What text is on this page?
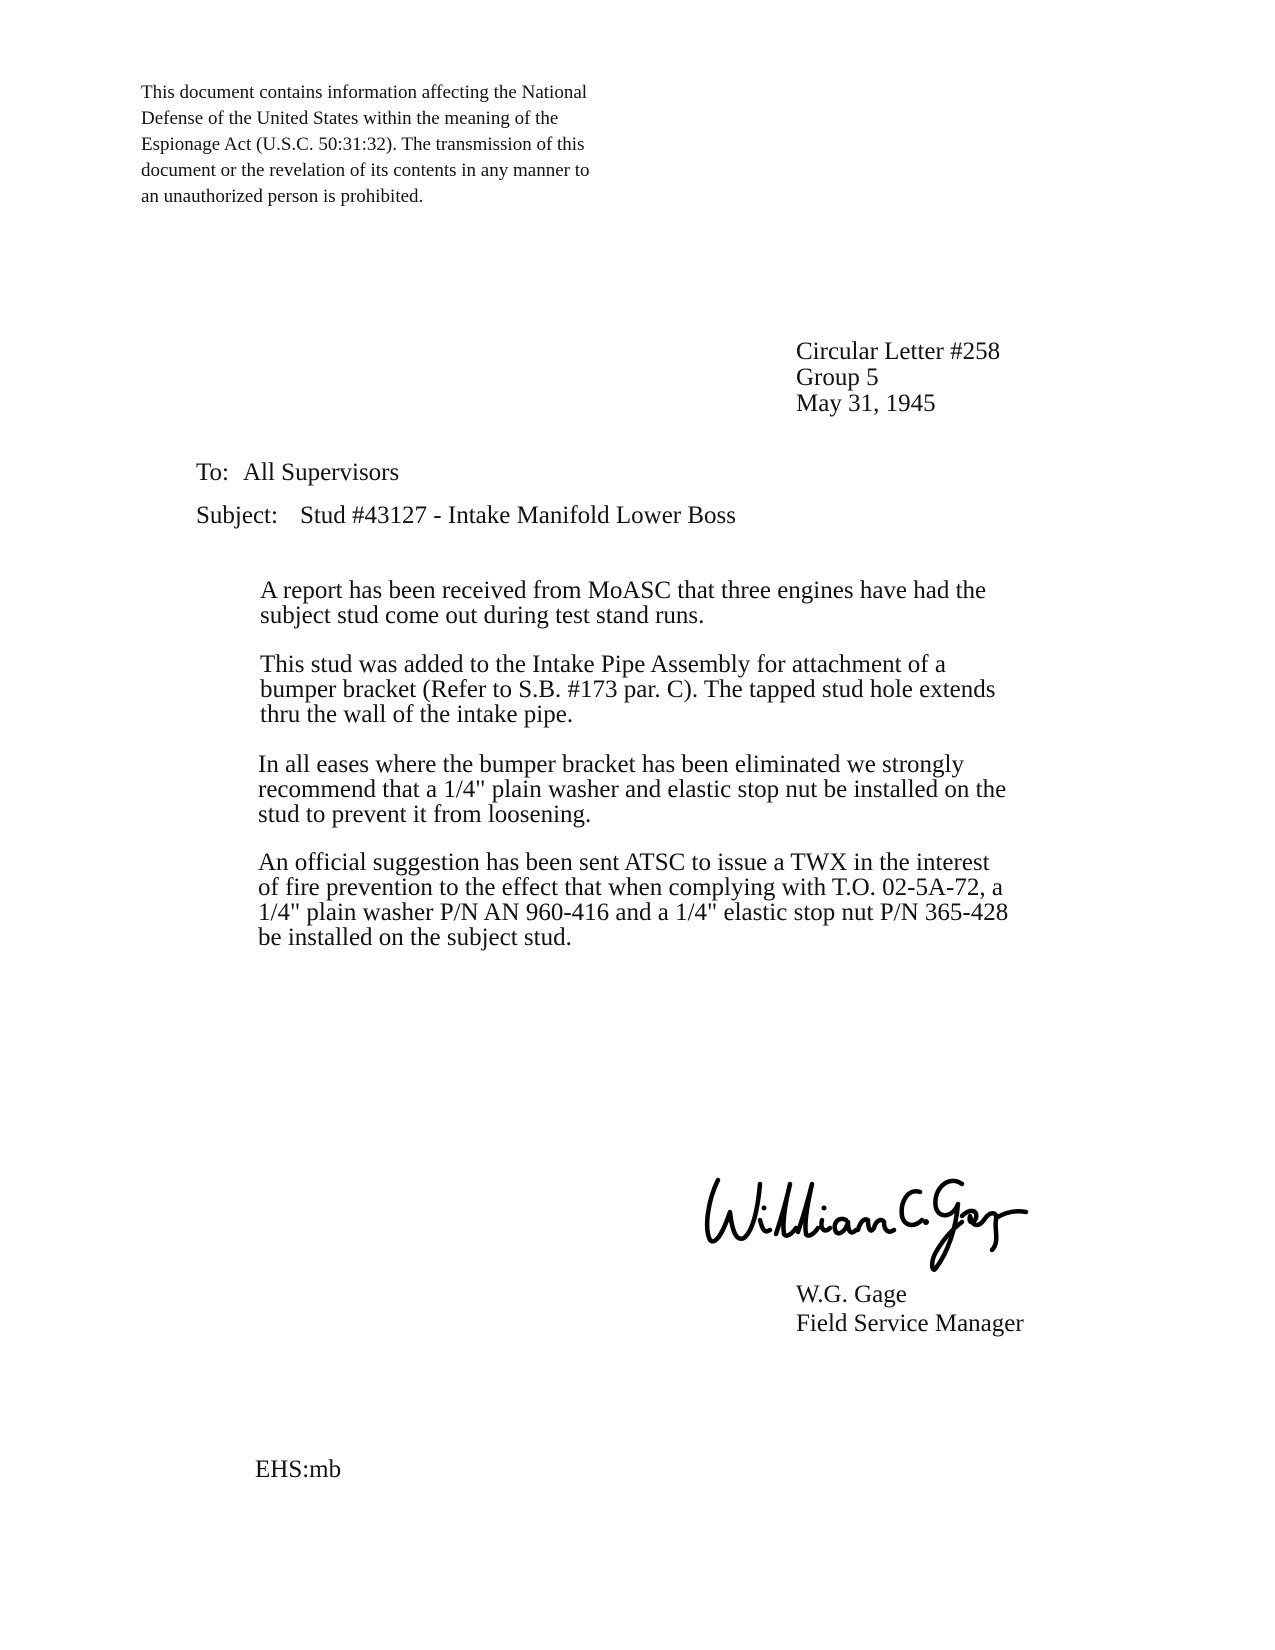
This document contains information affecting the National
Defense of the United States within the meaning of the
Espionage Act (U.S.C. 50:31:32). The transmission of this
document or the revelation of its contents in any manner to
an unauthorized person is prohibited.
Circular Letter #258
Group 5
May 31, 1945
To: All Supervisors
Subject: Stud #43127 - Intake Manifold Lower Boss
A report has been received from MoASC that three engines have had the
subject stud come out during test stand runs.
This stud was added to the Intake Pipe Assembly for attachment of a
bumper bracket (Refer to S.B. #173 par. C). The tapped stud hole extends
thru the wall of the intake pipe.
In all eases where the bumper bracket has been eliminated we strongly
recommend that a 1/4" plain washer and elastic stop nut be installed on the
stud to prevent it from loosening.
An official suggestion has been sent ATSC to issue a TWX in the interest
of fire prevention to the effect that when complying with T.O. 02-5A-72, a
1/4" plain washer P/N AN 960-416 and a 1/4" elastic stop nut P/N 365-428
be installed on the subject stud.
W.G. Gage
Field Service Manager
EHS:mb
